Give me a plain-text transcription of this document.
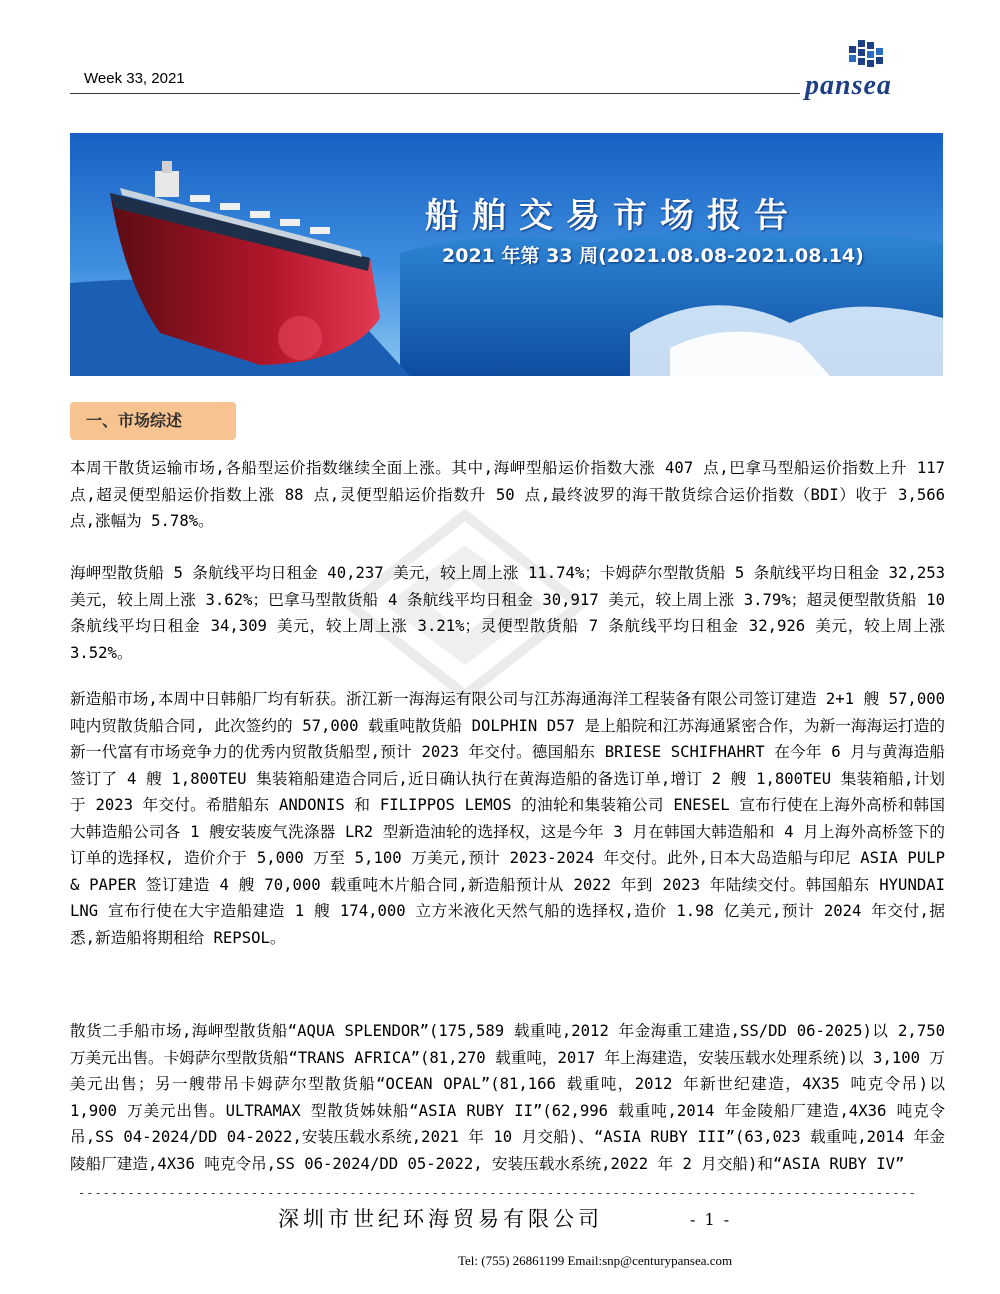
Week 33, 2021	pansea
船舶交易市场报告
2021 年第 33 周(2021.08.08-2021.08.14)
一、市场综述
本周干散货运输市场,各船型运价指数继续全面上涨。其中,海岬型船运价指数大涨 407 点,巴拿马型船运价指数上升 117 点,超灵便型船运价指数上涨 88 点,灵便型船运价指数升 50 点,最终波罗的海干散货综合运价指数（BDI）收于 3,566 点,涨幅为 5.78%。
海岬型散货船 5 条航线平均日租金 40,237 美元，较上周上涨 11.74%；卡姆萨尔型散货船 5 条航线平均日租金 32,253 美元，较上周上涨 3.62%；巴拿马型散货船 4 条航线平均日租金 30,917 美元，较上周上涨 3.79%；超灵便型散货船 10 条航线平均日租金 34,309 美元，较上周上涨 3.21%；灵便型散货船 7 条航线平均日租金 32,926 美元，较上周上涨 3.52%。
新造船市场,本周中日韩船厂均有斩获。浙江新一海海运有限公司与江苏海通海洋工程装备有限公司签订建造 2+1 艘 57,000 吨内贸散货船合同, 此次签约的 57,000 载重吨散货船 DOLPHIN D57 是上船院和江苏海通紧密合作，为新一海海运打造的新一代富有市场竞争力的优秀内贸散货船型,预计 2023 年交付。德国船东 BRIESE SCHIFHAHRT 在今年 6 月与黄海造船签订了 4 艘 1,800TEU 集装箱船建造合同后,近日确认执行在黄海造船的备选订单,增订 2 艘 1,800TEU 集装箱船,计划于 2023 年交付。希腊船东 ANDONIS 和 FILIPPOS LEMOS 的油轮和集装箱公司 ENESEL 宣布行使在上海外高桥和韩国大韩造船公司各 1 艘安装废气洗涤器 LR2 型新造油轮的选择权，这是今年 3 月在韩国大韩造船和 4 月上海外高桥签下的订单的选择权, 造价介于 5,000 万至 5,100 万美元,预计 2023-2024 年交付。此外,日本大岛造船与印尼 ASIA PULP & PAPER 签订建造 4 艘 70,000 载重吨木片船合同,新造船预计从 2022 年到 2023 年陆续交付。韩国船东 HYUNDAI LNG 宣布行使在大宇造船建造 1 艘 174,000 立方米液化天然气船的选择权,造价 1.98 亿美元,预计 2024 年交付,据悉,新造船将期租给 REPSOL。
散货二手船市场,海岬型散货船“AQUA SPLENDOR”(175,589 载重吨,2012 年金海重工建造,SS/DD 06-2025)以 2,750 万美元出售。卡姆萨尔型散货船“TRANS AFRICA”(81,270 载重吨，2017 年上海建造，安装压载水处理系统)以 3,100 万美元出售；另一艘带吊卡姆萨尔型散货船“OCEAN OPAL”(81,166 载重吨，2012 年新世纪建造，4X35 吨克令吊)以 1,900 万美元出售。ULTRAMAX 型散货姊妹船“ASIA RUBY II”(62,996 载重吨,2014 年金陵船厂建造,4X36 吨克令吊,SS 04-2024/DD 04-2022,安装压载水系统,2021 年 10 月交船)、“ASIA RUBY III”(63,023 载重吨,2014 年金陵船厂建造,4X36 吨克令吊,SS 06-2024/DD 05-2022, 安装压载水系统,2022 年 2 月交船)和“ASIA RUBY IV”
------------------------------------------------------------------------------------------------------
深圳市世纪环海贸易有限公司	- 1 -
Tel: (755) 26861199 Email:snp@centurypansea.com
